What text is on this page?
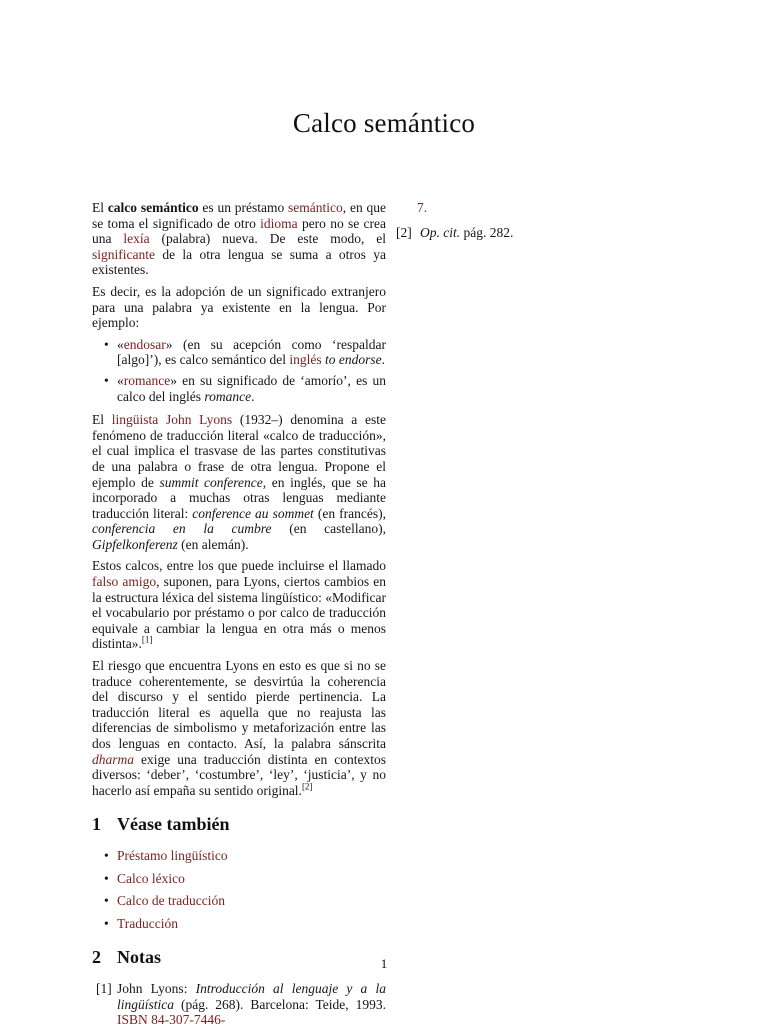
Calco semántico

El calco semántico es un préstamo semántico, en que se toma el significado de otro idioma pero no se crea una lexía (palabra) nueva. De este modo, el significante de la otra lengua se suma a otros ya existentes.

Es decir, es la adopción de un significado extranjero para una palabra ya existente en la lengua. Por ejemplo:

• «endosar» (en su acepción como ‘respaldar [algo]’), es calco semántico del inglés to endorse.
• «romance» en su significado de ‘amorío’, es un calco del inglés romance.

El lingüista John Lyons (1932–) denomina a este fenómeno de traducción literal «calco de traducción», el cual implica el trasvase de las partes constitutivas de una palabra o frase de otra lengua. Propone el ejemplo de summit conference, en inglés, que se ha incorporado a muchas otras lenguas mediante traducción literal: conference au sommet (en francés), conferencia en la cumbre (en castellano), Gipfelkonferenz (en alemán).

Estos calcos, entre los que puede incluirse el llamado falso amigo, suponen, para Lyons, ciertos cambios en la estructura léxica del sistema lingüístico: «Modificar el vocabulario por préstamo o por calco de traducción equivale a cambiar la lengua en otra más o menos distinta».[1]

El riesgo que encuentra Lyons en esto es que si no se traduce coherentemente, se desvirtúa la coherencia del discurso y el sentido pierde pertinencia. La traducción literal es aquella que no reajusta las diferencias de simbolismo y metaforización entre las dos lenguas en contacto. Así, la palabra sánscrita dharma exige una traducción distinta en contextos diversos: ‘deber’, ‘costumbre’, ‘ley’, ‘justicia’, y no hacerlo así empaña su sentido original.[2]

1 Véase también
• Préstamo lingüístico
• Calco léxico
• Calco de traducción
• Traducción
2 Notas
[1] John Lyons: Introducción al lenguaje y a la lingüística (pág. 268). Barcelona: Teide, 1993. ISBN 84-307-7446-
7.
[2] Op. cit. pág. 282.
1
